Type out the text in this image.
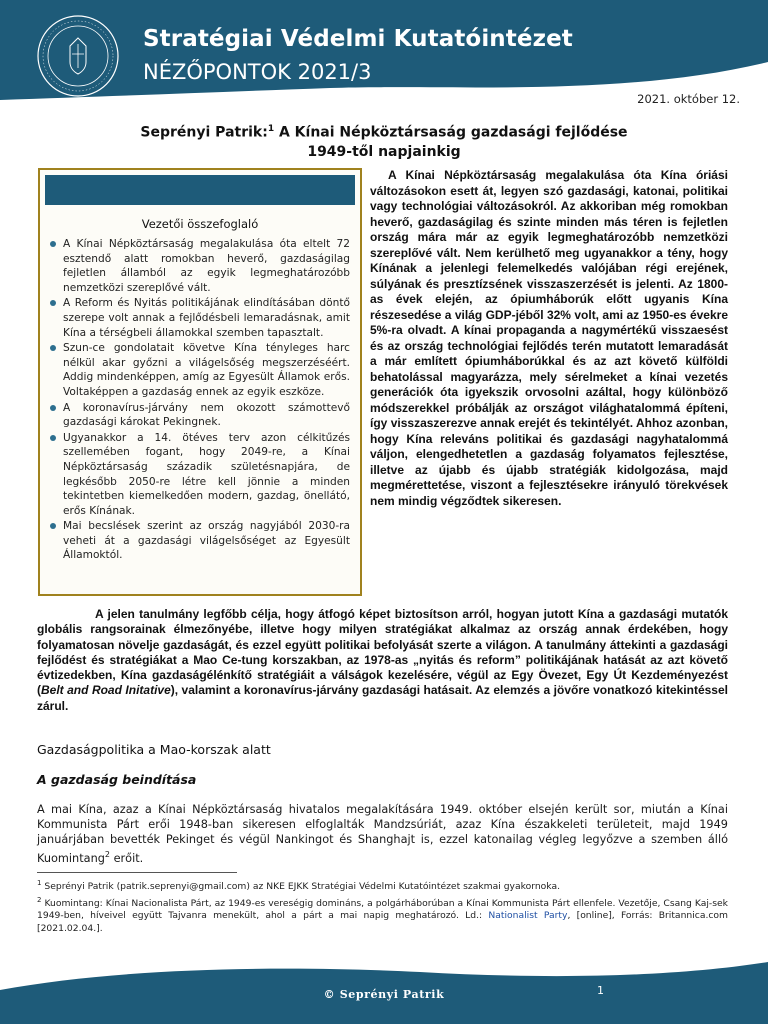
Stratégiai Védelmi Kutatóintézet
NÉZŐPONTOK 2021/3
2021. október 12.
Seprényi Patrik:$^1$ A Kínai Népköztársaság gazdasági fejlődése
1949-től napjainkig
Vezetői összefoglaló
A Kínai Népköztársaság megalakulása óta eltelt 72 esztendő alatt romokban heverő, gazdaságilag fejletlen államból az egyik legmeghatározóbb nemzetközi szereplővé vált.
A Reform és Nyitás politikájának elindításában döntő szerepe volt annak a fejlődésbeli lemaradásnak, amit Kína a térségbeli államokkal szemben tapasztalt.
Szun-ce gondolatait követve Kína tényleges harc nélkül akar győzni a világelsőség megszerzéséért. Addig mindenképpen, amíg az Egyesült Államok erős. Voltaképpen a gazdaság ennek az egyik eszköze.
A koronavírus-járvány nem okozott számottevő gazdasági károkat Pekingnek.
Ugyanakkor a 14. ötéves terv azon célkitűzés szellemében fogant, hogy 2049-re, a Kínai Népköztársaság századik születésnapjára, de legkésőbb 2050-re létre kell jönnie a minden tekintetben kiemelkedően modern, gazdag, önellátó, erős Kínának.
Mai becslések szerint az ország nagyjából 2030-ra veheti át a gazdasági világelsőséget az Egyesült Államoktól.
A Kínai Népköztársaság megalakulása óta Kína óriási változásokon esett át, legyen szó gazdasági, katonai, politikai vagy technológiai változásokról. Az akkoriban még romokban heverő, gazdaságilag és szinte minden más téren is fejletlen ország mára már az egyik legmeghatározóbb nemzetközi szereplővé vált. Nem kerülhető meg ugyanakkor a tény, hogy Kínának a jelenlegi felemelkedés valójában régi erejének, súlyának és presztízsének visszaszerzését is jelenti. Az 1800-as évek elején, az ópiumháborúk előtt ugyanis Kína részesedése a világ GDP-jéből 32% volt, ami az 1950-es évekre 5%-ra olvadt. A kínai propaganda a nagymértékű visszaesést és az ország technológiai fejlődés terén mutatott lemaradását a már említett ópiumháborúkkal és az azt követő külföldi behatolással magyarázza, mely sérelmeket a kínai vezetés generációk óta igyekszik orvosolni azáltal, hogy különböző módszerekkel próbálják az országot világhatalommá építeni, így visszaszerezve annak erejét és tekintélyét. Ahhoz azonban, hogy Kína releváns politikai és gazdasági nagyhatalommá váljon, elengedhetetlen a gazdaság folyamatos fejlesztése, illetve az újabb és újabb stratégiák kidolgozása, majd megmérettetése, viszont a fejlesztésekre irányuló törekvések nem mindig végződtek sikeresen.
A jelen tanulmány legfőbb célja, hogy átfogó képet biztosítson arról, hogyan jutott Kína a gazdasági mutatók globális rangsorainak élmezőnyébe, illetve hogy milyen stratégiákat alkalmaz az ország annak érdekében, hogy folyamatosan növelje gazdaságát, és ezzel együtt politikai befolyását szerte a világon. A tanulmány áttekinti a gazdasági fejlődést és stratégiákat a Mao Ce-tung korszakban, az 1978-as „nyitás és reform” politikájának hatását az azt követő évtizedekben, Kína gazdaságélénkítő stratégiáit a válságok kezelésére, végül az Egy Övezet, Egy Út Kezdeményezést (Belt and Road Initative), valamint a koronavírus-járvány gazdasági hatásait. Az elemzés a jövőre vonatkozó kitekintéssel zárul.
Gazdaságpolitika a Mao-korszak alatt
A gazdaság beindítása
A mai Kína, azaz a Kínai Népköztársaság hivatalos megalakítására 1949. október elsején került sor, miután a Kínai Kommunista Párt erői 1948-ban sikeresen elfoglalták Mandzsúriát, azaz Kína északkeleti területeit, majd 1949 januárjában bevették Pekinget és végül Nankingot és Shanghajt is, ezzel katonailag végleg legyőzve a szemben álló Kuomintang$^2$ erőit.
$^1$ Seprényi Patrik (patrik.seprenyi@gmail.com) az NKE EJKK Stratégiai Védelmi Kutatóintézet szakmai gyakornoka.
$^2$ Kuomintang: Kínai Nacionalista Párt, az 1949-es vereségig domináns, a polgárháborúban a Kínai Kommunista Párt ellenfele. Vezetője, Csang Kaj-sek 1949-ben, híveivel együtt Tajvanra menekült, ahol a párt a mai napig meghatározó. Ld.: Nationalist Party, [online], Forrás: Britannica.com [2021.02.04.].
© Seprényi Patrik	1
